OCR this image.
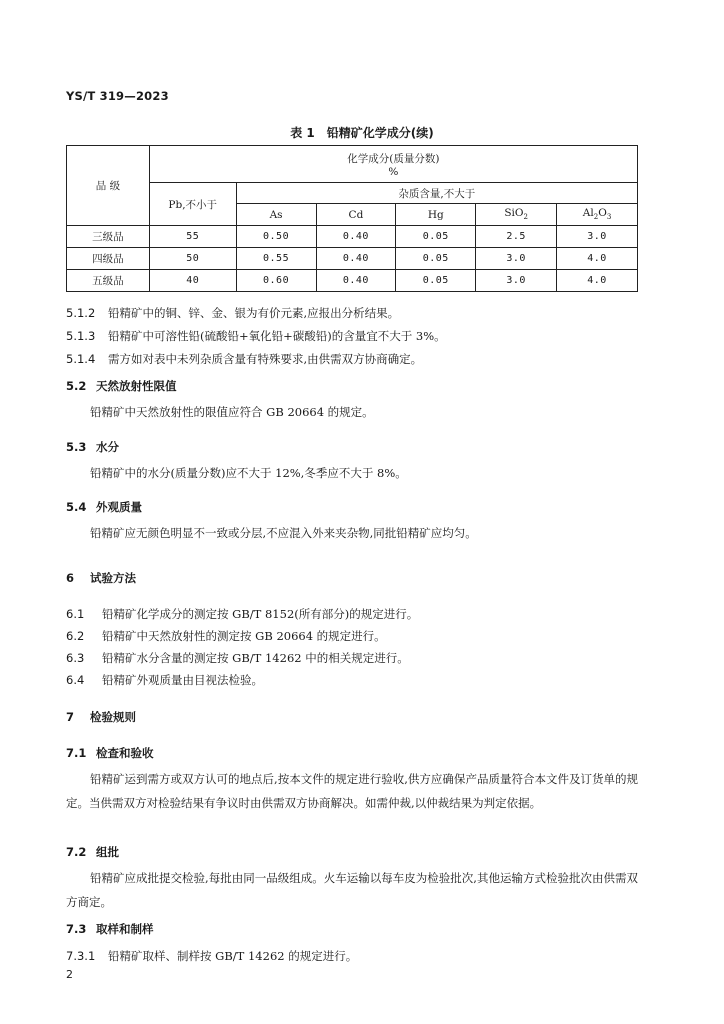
YS/T 319—2023
表 1　铅精矿化学成分(续)
品 级	化学成分(质量分数)
%					

	Pb,不小于	杂质含量,不大于				
		As	Cd	Hg	SiO$_2$	$Al_2O_3$
三级品	55	0.50	0.40	0.05	2.5	3.0
四级品	50	0.55	0.40	0.05	3.0	4.0
五级品	40	0.60	0.40	0.05	3.0	4.0
5.1.2 铅精矿中的铜、锌、金、银为有价元素,应报出分析结果。
5.1.3 铅精矿中可溶性铅(硫酸铅+氧化铅+碳酸铅)的含量宜不大于 3%。
5.1.4 需方如对表中未列杂质含量有特殊要求,由供需双方协商确定。
5.2 天然放射性限值
铅精矿中天然放射性的限值应符合 GB 20664 的规定。
5.3 水分
铅精矿中的水分(质量分数)应不大于 12%,冬季应不大于 8%。
5.4 外观质量
铅精矿应无颜色明显不一致或分层,不应混入外来夹杂物,同批铅精矿应均匀。
6 试验方法
6.1 铅精矿化学成分的测定按 GB/T 8152(所有部分)的规定进行。
6.2 铅精矿中天然放射性的测定按 GB 20664 的规定进行。
6.3 铅精矿水分含量的测定按 GB/T 14262 中的相关规定进行。
6.4 铅精矿外观质量由目视法检验。
7 检验规则
7.1 检查和验收
铅精矿运到需方或双方认可的地点后,按本文件的规定进行验收,供方应确保产品质量符合本文件及订货单的规定。当供需双方对检验结果有争议时由供需双方协商解决。如需仲裁,以仲裁结果为判定依据。
7.2 组批
铅精矿应成批提交检验,每批由同一品级组成。火车运输以每车皮为检验批次,其他运输方式检验批次由供需双方商定。
7.3 取样和制样
7.3.1 铅精矿取样、制样按 GB/T 14262 的规定进行。
2
